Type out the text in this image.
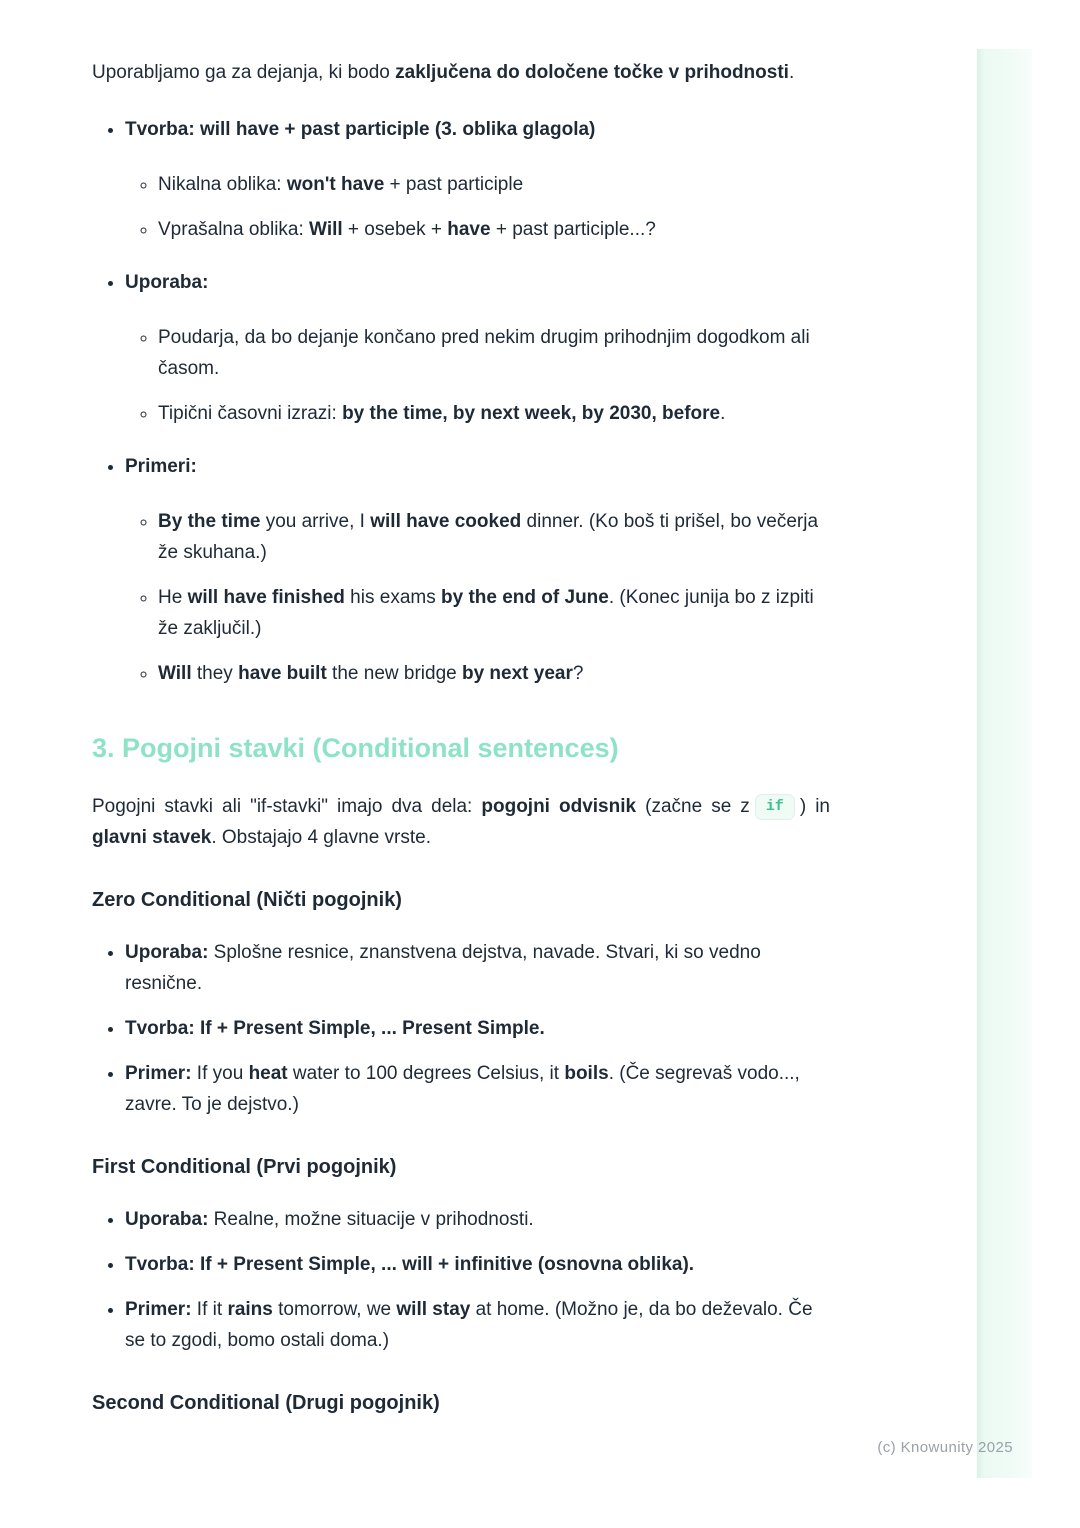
Uporabljamo ga za dejanja, ki bodo zaključena do določene točke v prihodnosti.

• Tvorba: will have + past participle (3. oblika glagola)
◦ Nikalna oblika: won't have + past participle
◦ Vprašalna oblika: Will + osebek + have + past participle...?
• Uporaba:
◦ Poudarja, da bo dejanje končano pred nekim drugim prihodnjim dogodkom ali časom.
◦ Tipični časovni izrazi: by the time, by next week, by 2030, before.
• Primeri:
◦ By the time you arrive, I will have cooked dinner. (Ko boš ti prišel, bo večerja že skuhana.)
◦ He will have finished his exams by the end of June. (Konec junija bo z izpiti že zaključil.)
◦ Will they have built the new bridge by next year?
3. Pogojni stavki (Conditional sentences)

Pogojni stavki ali "if-stavki" imajo dva dela: pogojni odvisnik (začne se z if ) in glavni stavek. Obstajajo 4 glavne vrste.

Zero Conditional (Ničti pogojnik)
• Uporaba: Splošne resnice, znanstvena dejstva, navade. Stvari, ki so vedno resnične.
• Tvorba: If + Present Simple, ... Present Simple.
• Primer: If you heat water to 100 degrees Celsius, it boils. (Če segrevaš vodo..., zavre. To je dejstvo.)
First Conditional (Prvi pogojnik)
• Uporaba: Realne, možne situacije v prihodnosti.
• Tvorba: If + Present Simple, ... will + infinitive (osnovna oblika).
• Primer: If it rains tomorrow, we will stay at home. (Možno je, da bo deževalo. Če se to zgodi, bomo ostali doma.)
Second Conditional (Drugi pogojnik)
(c) Knowunity 2025
